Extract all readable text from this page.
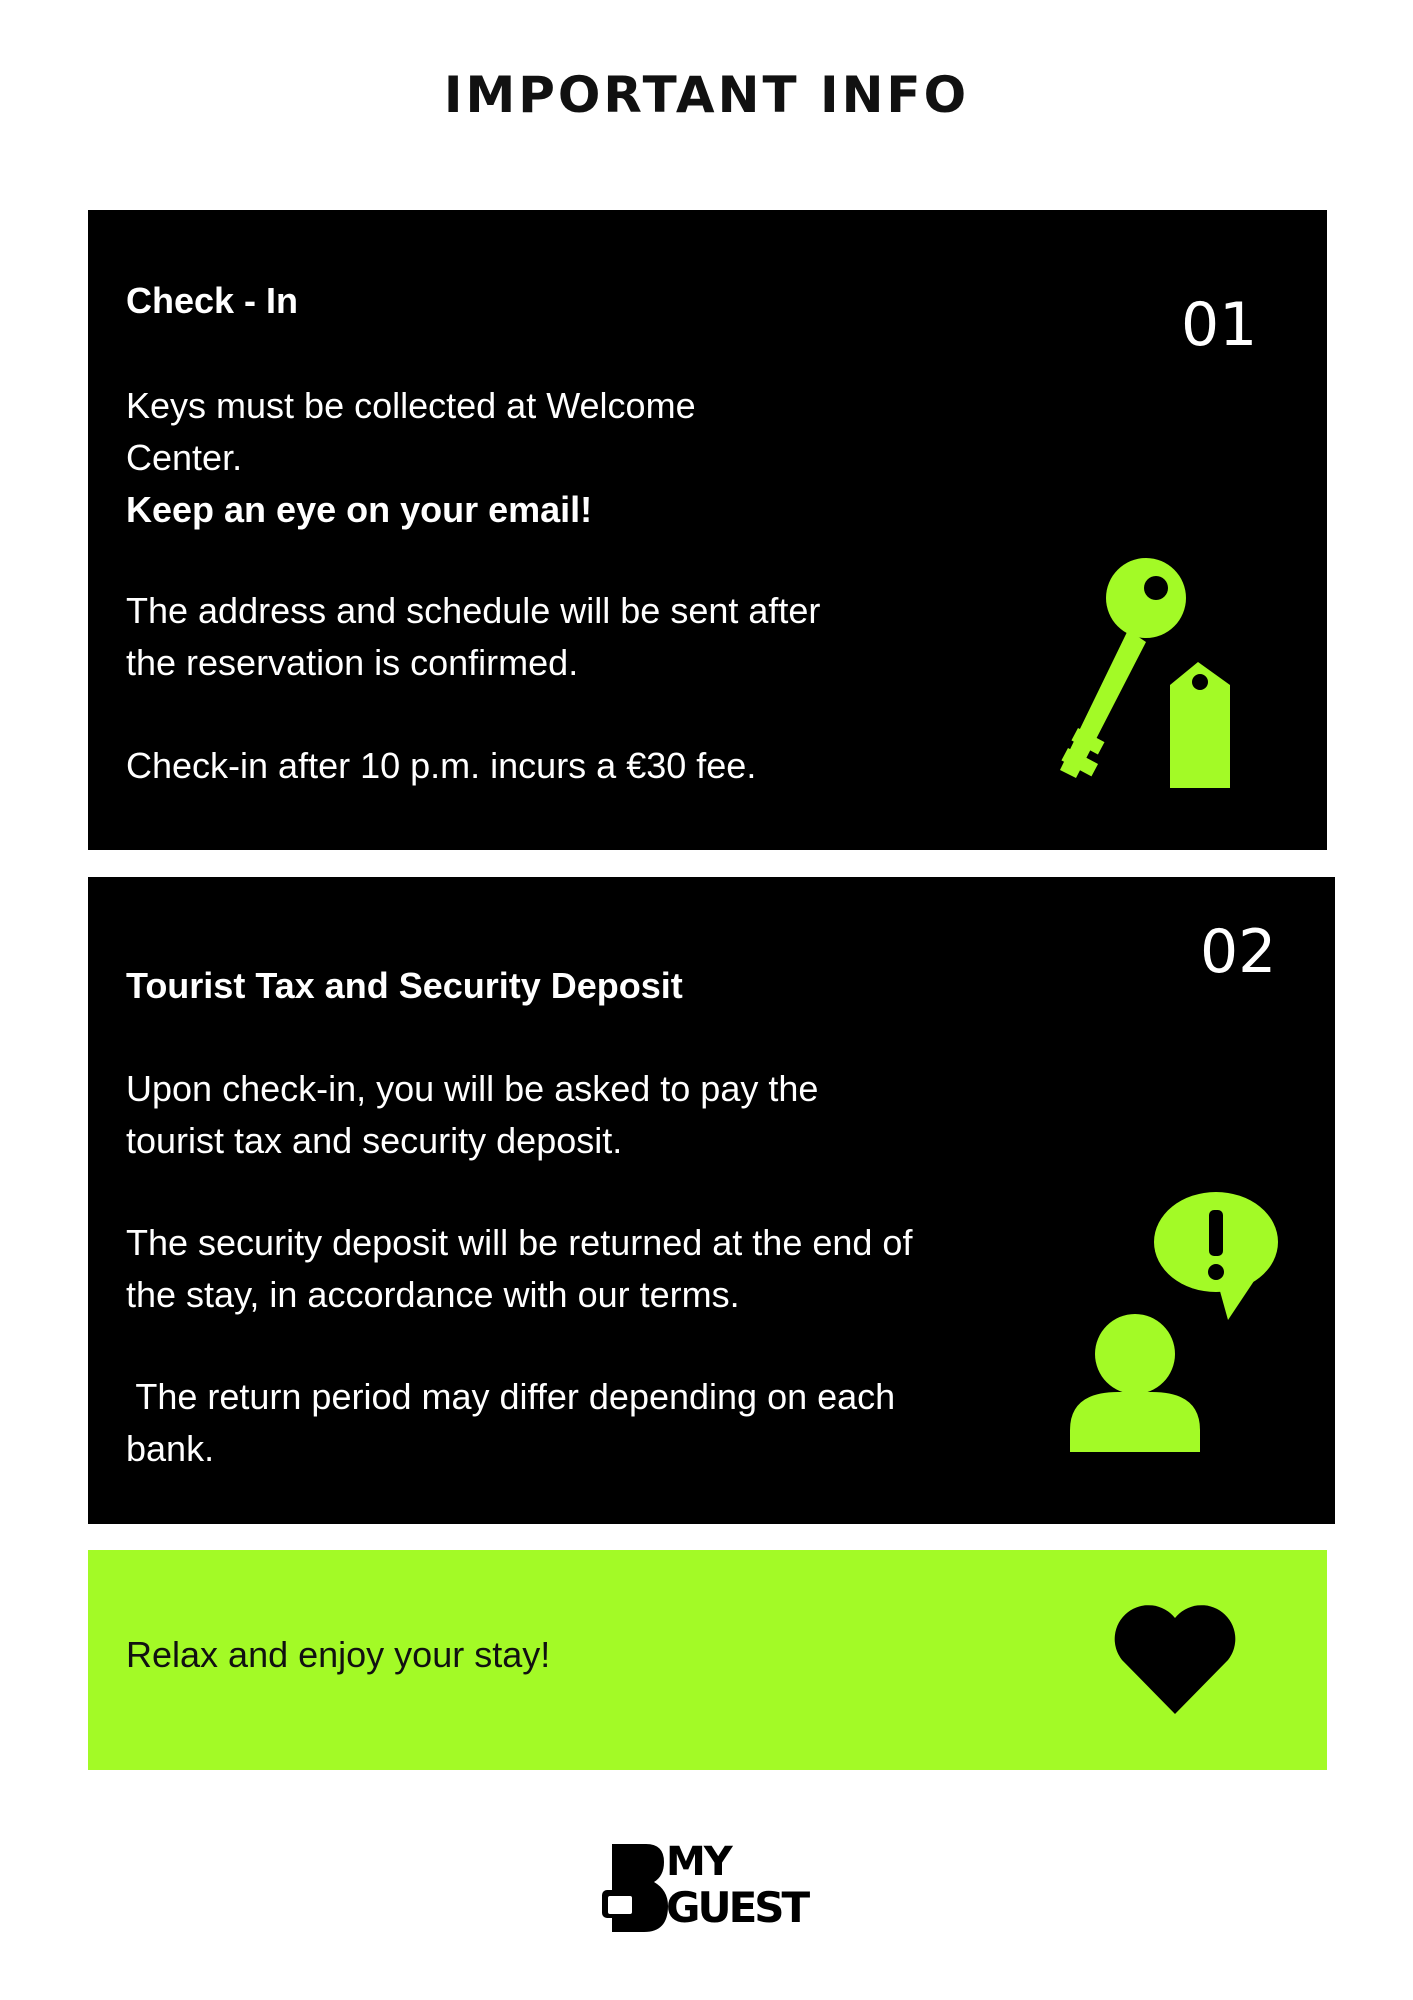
IMPORTANT INFO
Check - In	01

Keys must be collected at Welcome

Center.

Keep an eye on your email!

The address and schedule will be sent after

the reservation is confirmed.

Check-in after 10 p.m. incurs a €30 fee.

02
Tourist Tax and Security Deposit

Upon check-in, you will be asked to pay the

tourist tax and security deposit.

The security deposit will be returned at the end of

the stay, in accordance with our terms.

The return period may differ depending on each

bank.

Relax and enjoy your stay!
MY
GUEST
